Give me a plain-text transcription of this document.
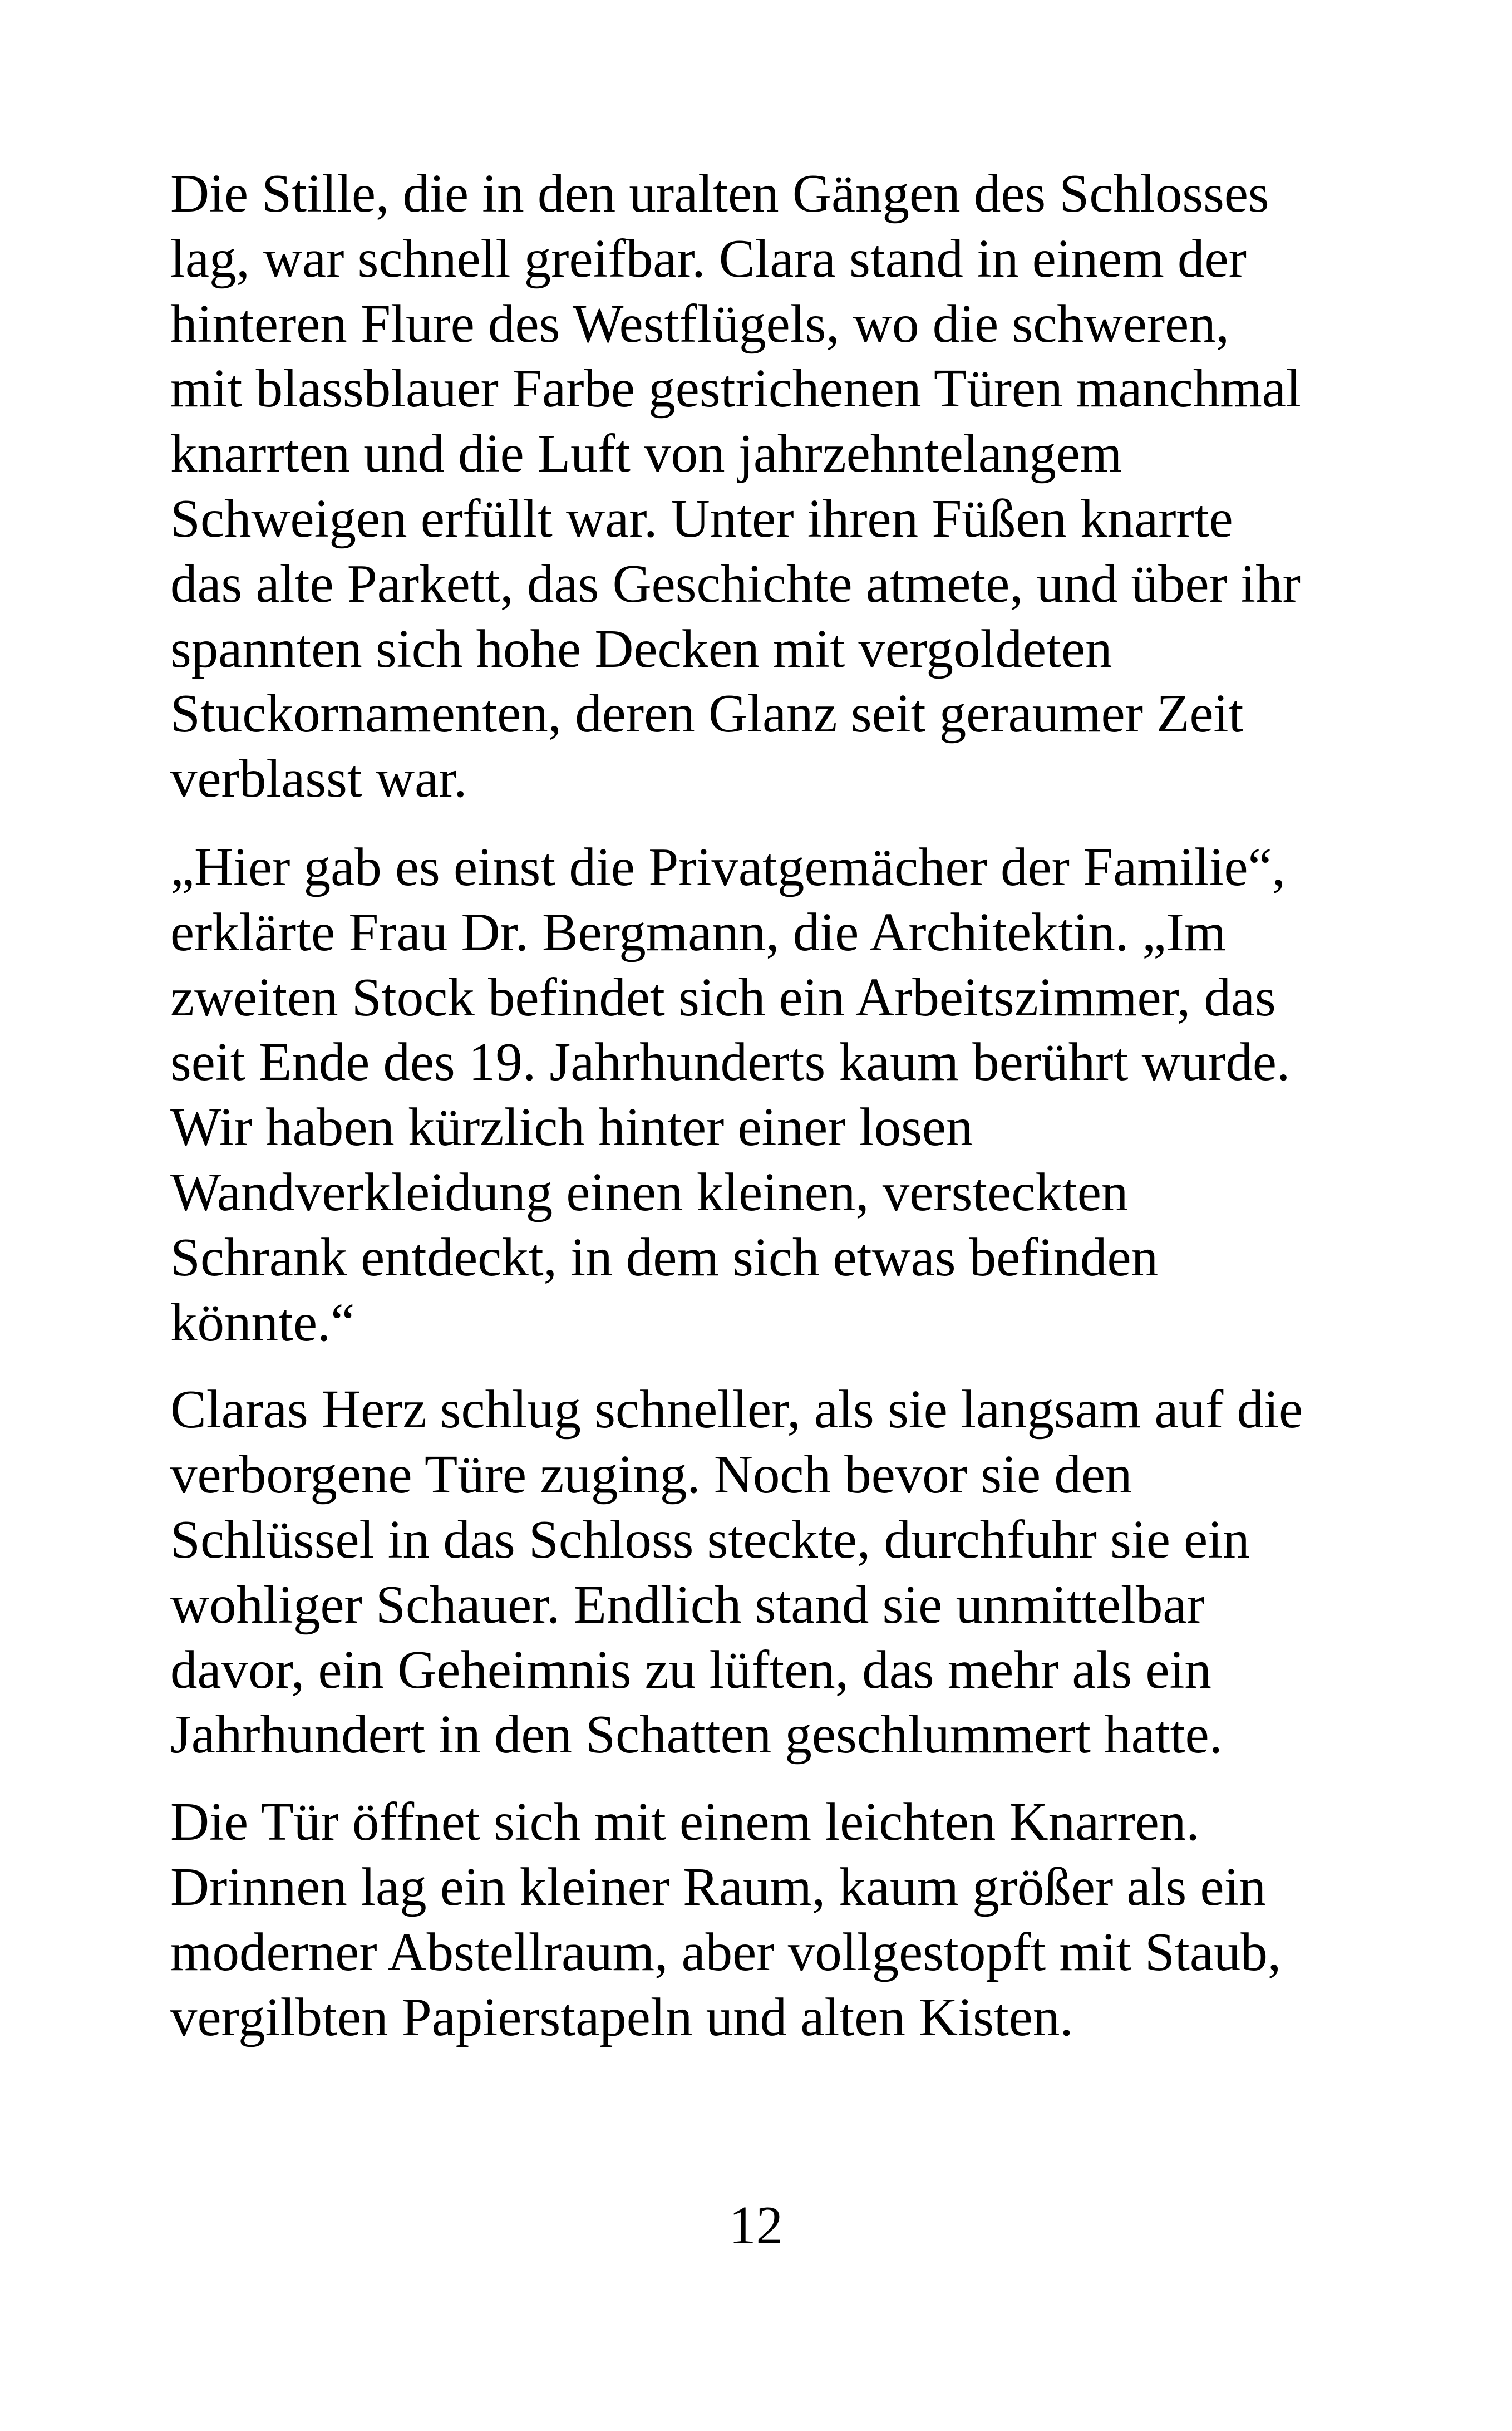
Die Stille, die in den uralten Gängen des Schlosses
lag, war schnell greifbar. Clara stand in einem der
hinteren Flure des Westflügels, wo die schweren,
mit blassblauer Farbe gestrichenen Türen manchmal
knarrten und die Luft von jahrzehntelangem
Schweigen erfüllt war. Unter ihren Füßen knarrte
das alte Parkett, das Geschichte atmete, und über ihr
spannten sich hohe Decken mit vergoldeten
Stuckornamenten, deren Glanz seit geraumer Zeit
verblasst war.

„Hier gab es einst die Privatgemächer der Familie“,
erklärte Frau Dr. Bergmann, die Architektin. „Im
zweiten Stock befindet sich ein Arbeitszimmer, das
seit Ende des 19. Jahrhunderts kaum berührt wurde.
Wir haben kürzlich hinter einer losen
Wandverkleidung einen kleinen, versteckten
Schrank entdeckt, in dem sich etwas befinden
könnte.“

Claras Herz schlug schneller, als sie langsam auf die
verborgene Türe zuging. Noch bevor sie den
Schlüssel in das Schloss steckte, durchfuhr sie ein
wohliger Schauer. Endlich stand sie unmittelbar
davor, ein Geheimnis zu lüften, das mehr als ein
Jahrhundert in den Schatten geschlummert hatte.

Die Tür öffnet sich mit einem leichten Knarren.
Drinnen lag ein kleiner Raum, kaum größer als ein
moderner Abstellraum, aber vollgestopft mit Staub,
vergilbten Papierstapeln und alten Kisten.

12
